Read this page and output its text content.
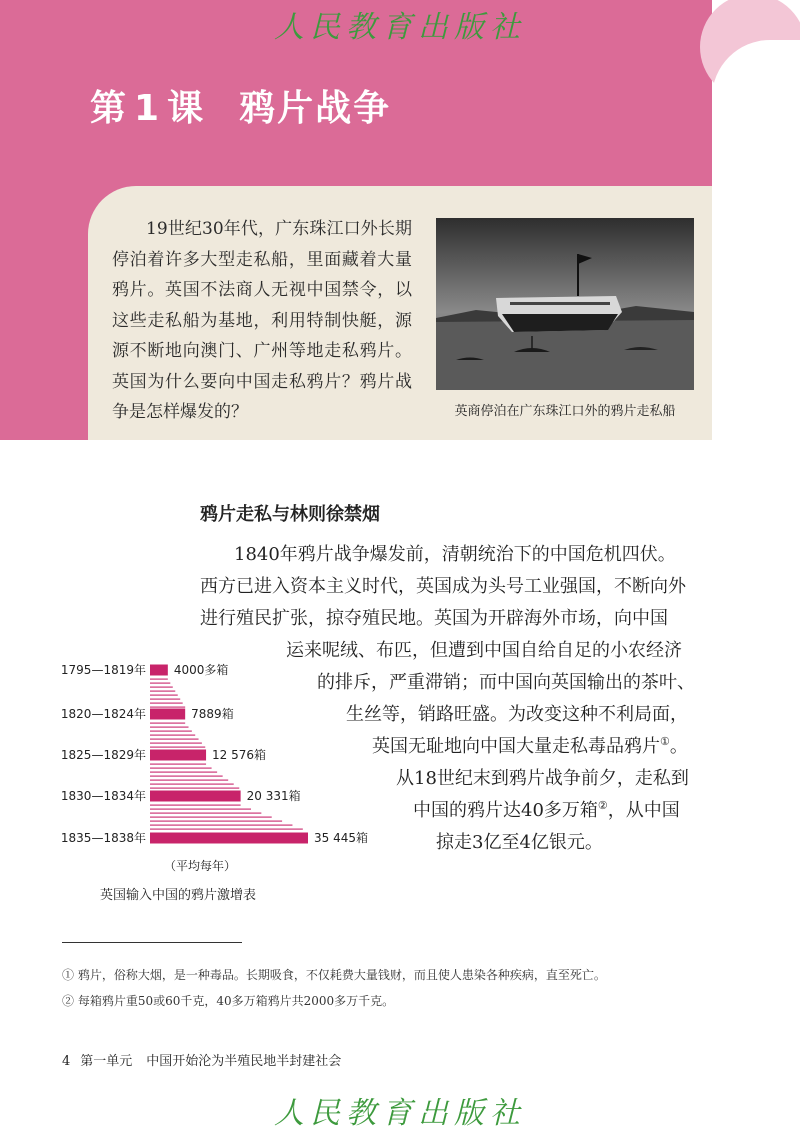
人民教育出版社
第 1 课 鸦片战争
19世纪30年代，广东珠江口外长期停泊着许多大型走私船，里面藏着大量鸦片。英国不法商人无视中国禁令，以这些走私船为基地，利用特制快艇，源源不断地向澳门、广州等地走私鸦片。英国为什么要向中国走私鸦片？鸦片战争是怎样爆发的？	英商停泊在广东珠江口外的鸦片走私船
鸦片走私与林则徐禁烟
1840年鸦片战争爆发前，清朝统治下的中国危机四伏。
西方已进入资本主义时代，英国成为头号工业强国，不断向外
进行殖民扩张，掠夺殖民地。英国为开辟海外市场，向中国
运来呢绒、布匹，但遭到中国自给自足的小农经济
的排斥，严重滞销；而中国向英国输出的茶叶、
生丝等，销路旺盛。为改变这种不利局面，
英国无耻地向中国大量走私毒品鸦片①。
从18世纪末到鸦片战争前夕，走私到
中国的鸦片达40多万箱②，从中国
掠走3亿至4亿银元。
1795—1819年 4000多箱
1820—1824年	7889箱
1825—1829年	12 576箱
1830—1834年	20 331箱
1835—1838年	35 445箱
（平均每年）
英国输入中国的鸦片激增表
① 鸦片，俗称大烟，是一种毒品。长期吸食，不仅耗费大量钱财，而且使人患染各种疾病，直至死亡。
② 每箱鸦片重50或60千克，40多万箱鸦片共2000多万千克。
4 第一单元 中国开始沦为半殖民地半封建社会
人民教育出版社
